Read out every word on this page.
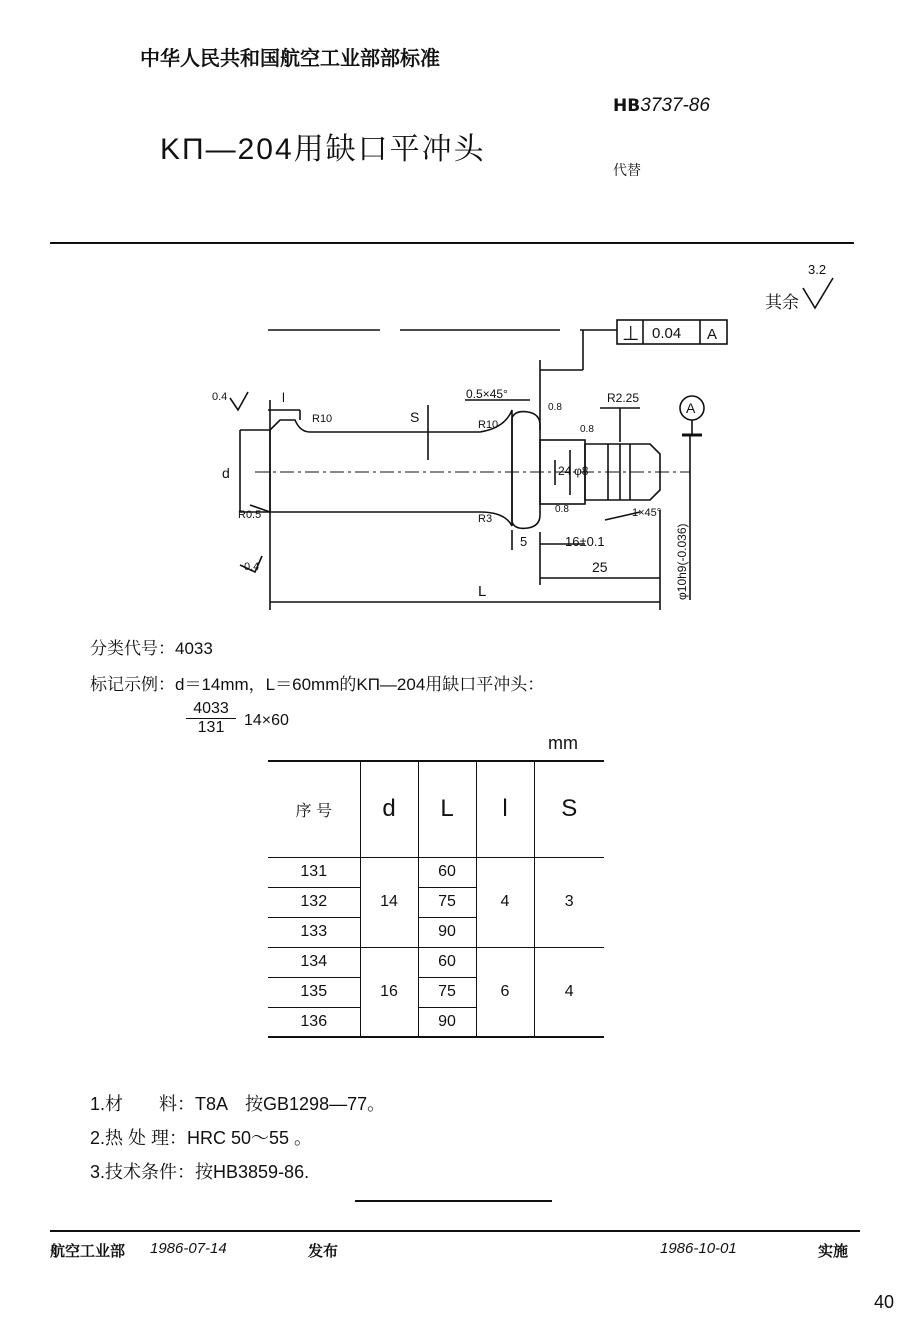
中华人民共和国航空工业部部标准
HB3737-86
KП—204用缺口平冲头
代替
其余
3.2
⊥ 0.04 A
A
0.4	l
R10	S
0.5×45°
R10
0.8
R2.25
0.8
d	24 φ8
R0.5	R3
0.8	1×45°
0.4
5	16±0.1
25
L	φ10h9(-0.036)
分类代号：4033
标记示例：d＝14mm，L＝60mm的KП—204用缺口平冲头：
4033
131	14×60
mm
序 号	d	L	l	S
131	14	60	4	3
132		75		
133		90		
134	16	60	6	4
135		75		
136		90		
1.材　　料：T8A　按GB1298—77。
2.热 处 理：HRC 50～55 。
3.技术条件：按HB3859-86.
航空工业部 1986-07-14	发布	1986-10-01	实施
40
